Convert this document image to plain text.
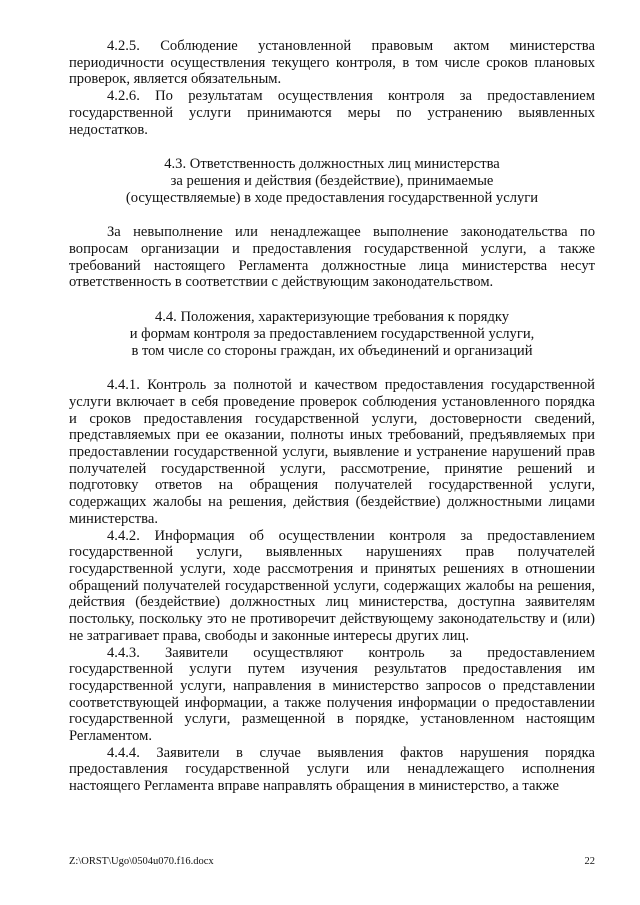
4.2.5. Соблюдение установленной правовым актом министерства периодичности осуществления текущего контроля, в том числе сроков плановых проверок, является обязательным.

4.2.6. По результатам осуществления контроля за предоставлением государственной услуги принимаются меры по устранению выявленных недостатков.

4.3. Ответственность должностных лиц министерства

за решения и действия (бездействие), принимаемые

(осуществляемые) в ходе предоставления государственной услуги

За невыполнение или ненадлежащее выполнение законодательства по вопросам организации и предоставления государственной услуги, а также требований настоящего Регламента должностные лица министерства несут ответственность в соответствии с действующим законодательством.

4.4. Положения, характеризующие требования к порядку

и формам контроля за предоставлением государственной услуги,

в том числе со стороны граждан, их объединений и организаций

4.4.1. Контроль за полнотой и качеством предоставления государственной услуги включает в себя проведение проверок соблюдения установленного порядка и сроков предоставления государственной услуги, достоверности сведений, представляемых при ее оказании, полноты иных требований, предъявляемых при предоставлении государственной услуги, выявление и устранение нарушений прав получателей государственной услуги, рассмотрение, принятие решений и подготовку ответов на обращения получателей государственной услуги, содержащих жалобы на решения, действия (бездействие) должностными лицами министерства.

4.4.2. Информация об осуществлении контроля за предоставлением государственной услуги, выявленных нарушениях прав получателей государственной услуги, ходе рассмотрения и принятых решениях в отношении обращений получателей государственной услуги, содержащих жалобы на решения, действия (бездействие) должностных лиц министерства, доступна заявителям постольку, поскольку это не противоречит действующему законодательству и (или) не затрагивает права, свободы и законные интересы других лиц.

4.4.3. Заявители осуществляют контроль за предоставлением государственной услуги путем изучения результатов предоставления им государственной услуги, направления в министерство запросов о представлении соответствующей информации, а также получения информации о предоставлении государственной услуги, размещенной в порядке, установленном настоящим Регламентом.

4.4.4. Заявители в случае выявления фактов нарушения порядка предоставления государственной услуги или ненадлежащего исполнения настоящего Регламента вправе направлять обращения в министерство, а также

Z:\ORST\Ugo\0504u070.f16.docx	22
